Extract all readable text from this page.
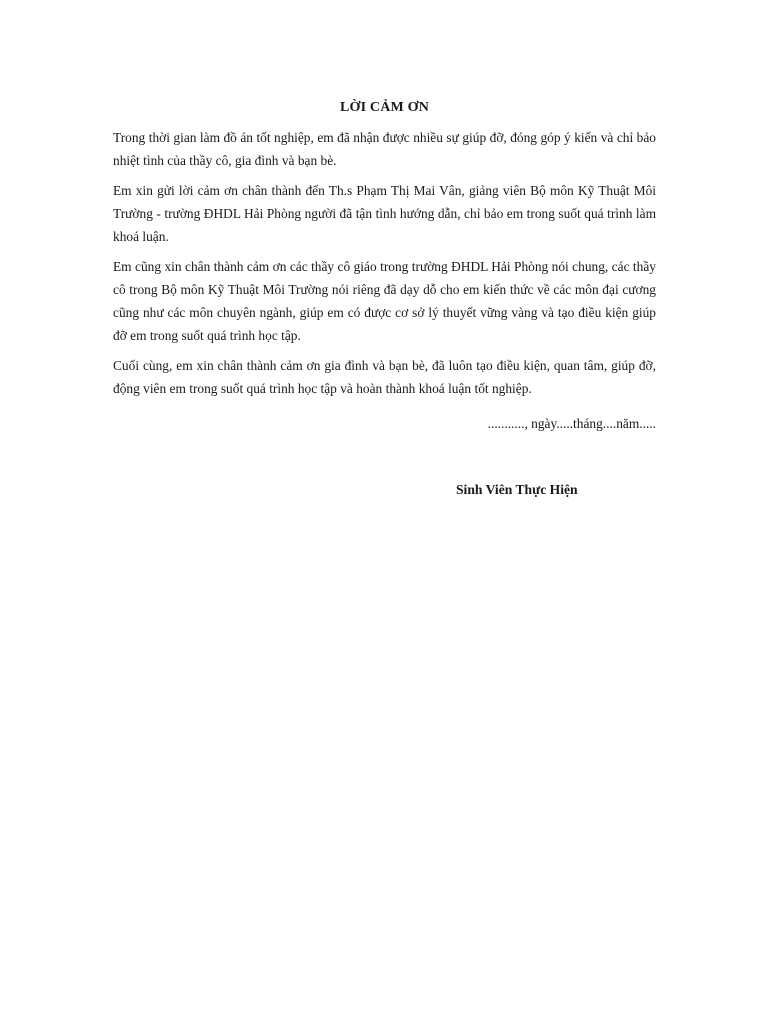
LỜI CẢM ƠN

Trong thời gian làm đồ án tốt nghiệp, em đã nhận được nhiều sự giúp đỡ, đóng góp ý kiến và chỉ bảo nhiệt tình của thầy cô, gia đình và bạn bè.

Em xin gửi lời cảm ơn chân thành đến Th.s Phạm Thị Mai Vân, giảng viên Bộ môn Kỹ Thuật Môi Trường - trường ĐHDL Hải Phòng người đã tận tình hướng dẫn, chỉ bảo em trong suốt quá trình làm khoá luận.

Em cũng xin chân thành cảm ơn các thầy cô giáo trong trường ĐHDL Hải Phòng nói chung, các thầy cô trong Bộ môn Kỹ Thuật Môi Trường nói riêng đã dạy dỗ cho em kiến thức về các môn đại cương cũng như các môn chuyên ngành, giúp em có được cơ sở lý thuyết vững vàng và tạo điều kiện giúp đỡ em trong suốt quá trình học tập.

Cuối cùng, em xin chân thành cảm ơn gia đình và bạn bè, đã luôn tạo điều kiện, quan tâm, giúp đỡ, động viên em trong suốt quá trình học tập và hoàn thành khoá luận tốt nghiệp.

..........., ngày.....tháng....năm.....
Sinh Viên Thực Hiện
